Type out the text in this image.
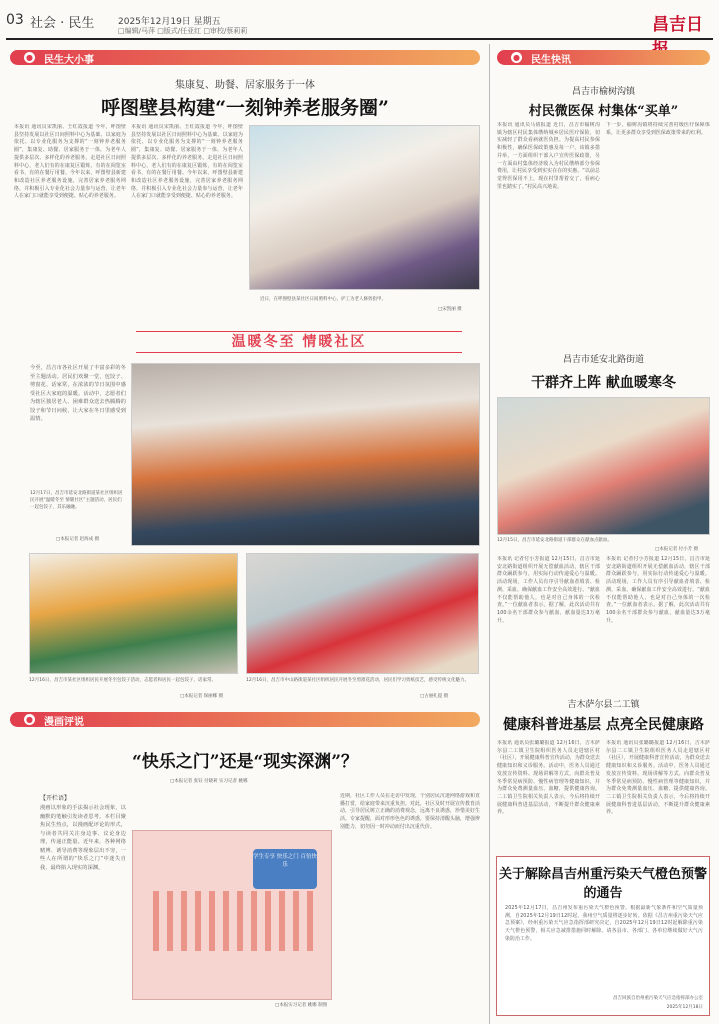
03 社会 · 民生	2025年12月19日 星期五
□编辑/马萍 □版式/任亚红 □审校/蔡莉莉	昌吉日
● 民生大小事
集康复、助餐、居家服务于一体
呼图壁县构建“一刻钟养老服务圈”
本报讯 通讯员宋凯丽、王红霞报道 今年，呼图壁县坚持发展以社区日间照料中心为基础、以家庭为依托、以专业化服务为支撑的“一刻钟养老服务圈”，集康复、助餐、居家服务于一体，为老年人提供多层次、多样化的养老服务。走进社区日间照料中心，老人们有的在康复区锻炼，有的在阅览室看书，有的在餐厅用餐。今年以来，呼图壁县新建和改造社区养老服务设施，完善居家养老服务网络，并积极引入专业化社会力量参与运营，让老年人在家门口就能享受到便捷、贴心的养老服务。
本报讯 通讯员宋凯丽、王红霞报道 今年，呼图壁县坚持发展以社区日间照料中心为基础、以家庭为依托、以专业化服务为支撑的“一刻钟养老服务圈”，集康复、助餐、居家服务于一体，为老年人提供多层次、多样化的养老服务。走进社区日间照料中心，老人们有的在康复区锻炼，有的在阅览室看书，有的在餐厅用餐。今年以来，呼图壁县新建和改造社区养老服务设施，完善居家养老服务网络，并积极引入专业化社会力量参与运营，让老年人在家门口就能享受到便捷、贴心的养老服务。
近日，在呼图壁县某社区日间照料中心，护工为老人修剪指甲。
□宋凯丽 摄
温暖冬至 情暖社区
今至，昌吉市各社区开展了丰富多彩的冬至主题活动。居民们欢聚一堂，包饺子、剪窗花、话家常，在浓浓的节日氛围中感受社区大家庭的温暖。活动中，志愿者们为辖区独居老人、困难群众送去热腾腾的饺子和节日问候，让大家在冬日里感受到温情。
12月17日，昌吉市延安北路街道某社区组织居民开展“温暖冬至 情暖社区”主题活动，居民们一起包饺子，其乐融融。
□本报记者 赵海成 摄
12月16日，昌吉市某社区组织居民开展冬至包饺子活动，志愿者和居民一起包饺子、话家常。
□本报记者 保丽娜 摄
12月16日，昌吉市中山路街道某社区组织居民开展冬至剪窗花活动，居民们学习剪纸技艺，感受传统文化魅力。
□古丽扎提 摄
● 漫画评说
“快乐之门”还是“现实深渊”？
□本报记者 张钰 付晓莉 实习记者 姚娜
【开栏语】
漫画以形象的手法揭示社会现象，以幽默的笔触引发读者思考。本栏目聚焦民生热点，以漫画配评论的形式，与读者共同关注身边事、议论身边理，传递正能量。近年来，各种网络赌博、诱导消费等现象层出不穷，一些人在所谓的“快乐之门”中迷失自我，最终陷入现实的深渊。
学生专享 快乐之门 百倍快乐
□本报实习记者 姚娜 制图
近期，社区工作人员在走访中发现，个别居民沉迷网络游戏和直播打赏，给家庭带来沉重负担。对此，社区及时开展宣传教育活动，引导居民树立正确的消费观念，远离不良诱惑，珍惜美好生活。专家提醒，面对形形色色的诱惑，要保持清醒头脑，增强辨别能力，切勿因一时冲动而付出沉重代价。
● 民生快讯
昌吉市榆树沟镇
村民微医保 村集体“买单”
本报讯 通讯员马倩报道 近日，昌吉市榆树沟镇为辖区村民集体缴纳城乡居民医疗保险，切实减轻了群众看病就医负担。为提高村民参保积极性，确保医保政策惠及每一户，该镇多措并举，一方面组织干部入户宣传医保政策，另一方面由村集体经济收入为村民缴纳部分参保费用，让村民享受到实实在在的实惠。“以前总觉得医保用不上，现在村里帮着交了，看病心里也踏实了。”村民高兴地说。
下一步，榆树沟镇将持续完善村级医疗保障体系，让更多群众享受到医保政策带来的红利。
昌吉市延安北路街道
干群齐上阵 献血暖寒冬
12月15日，昌吉市延安北路街道干部群众在献血点献血。
□本报记者 付小芳 摄
本报讯 记者付小芳报道 12月15日，昌吉市延安北路街道组织开展无偿献血活动，辖区干部群众踊跃参与，用实际行动传递爱心与温暖。活动现场，工作人员有序引导献血者填表、检测、采血，确保献血工作安全高效进行。“献血不仅能帮助他人，也是对自己身体的一次检查。”一位献血者表示。据了解，此次活动共有100余名干部群众参与献血，献血量达3万毫升。
本报讯 记者付小芳报道 12月15日，昌吉市延安北路街道组织开展无偿献血活动，辖区干部群众踊跃参与，用实际行动传递爱心与温暖。活动现场，工作人员有序引导献血者填表、检测、采血，确保献血工作安全高效进行。“献血不仅能帮助他人，也是对自己身体的一次检查。”一位献血者表示。据了解，此次活动共有100余名干部群众参与献血，献血量达3万毫升。
吉木萨尔县二工镇
健康科普进基层 点亮全民健康路
本报讯 通讯员张璐璐报道 12月16日，吉木萨尔县二工镇卫生院组织医务人员走进辖区村（社区），开展健康科普宣传活动，为群众送去健康知识和义诊服务。活动中，医务人员通过发放宣传资料、现场讲解等方式，向群众普及冬季常见病预防、慢性病管理等健康知识，并为群众免费测量血压、血糖，提供健康咨询。二工镇卫生院相关负责人表示，今后将持续开展健康科普进基层活动，不断提升群众健康素养。
本报讯 通讯员张璐璐报道 12月16日，吉木萨尔县二工镇卫生院组织医务人员走进辖区村（社区），开展健康科普宣传活动，为群众送去健康知识和义诊服务。活动中，医务人员通过发放宣传资料、现场讲解等方式，向群众普及冬季常见病预防、慢性病管理等健康知识，并为群众免费测量血压、血糖，提供健康咨询。二工镇卫生院相关负责人表示，今后将持续开展健康科普进基层活动，不断提升群众健康素养。
关于解除昌吉州重污染天气橙色预警的通告
2025年12月17日，昌吉州发布重污染天气橙色预警。根据最新气象条件和空气质量预测，自2025年12月19日12时起，我州空气质量将逐步好转。依据《昌吉州重污染天气应急预案》，经州重污染天气应急指挥部研究决定，自2025年12月19日12时起解除重污染天气橙色预警，相关应急减排措施同时解除。请各县市、各部门、各单位继续做好大气污染防治工作。
昌吉回族自治州重污染天气应急指挥部办公室
2025年12月18日
